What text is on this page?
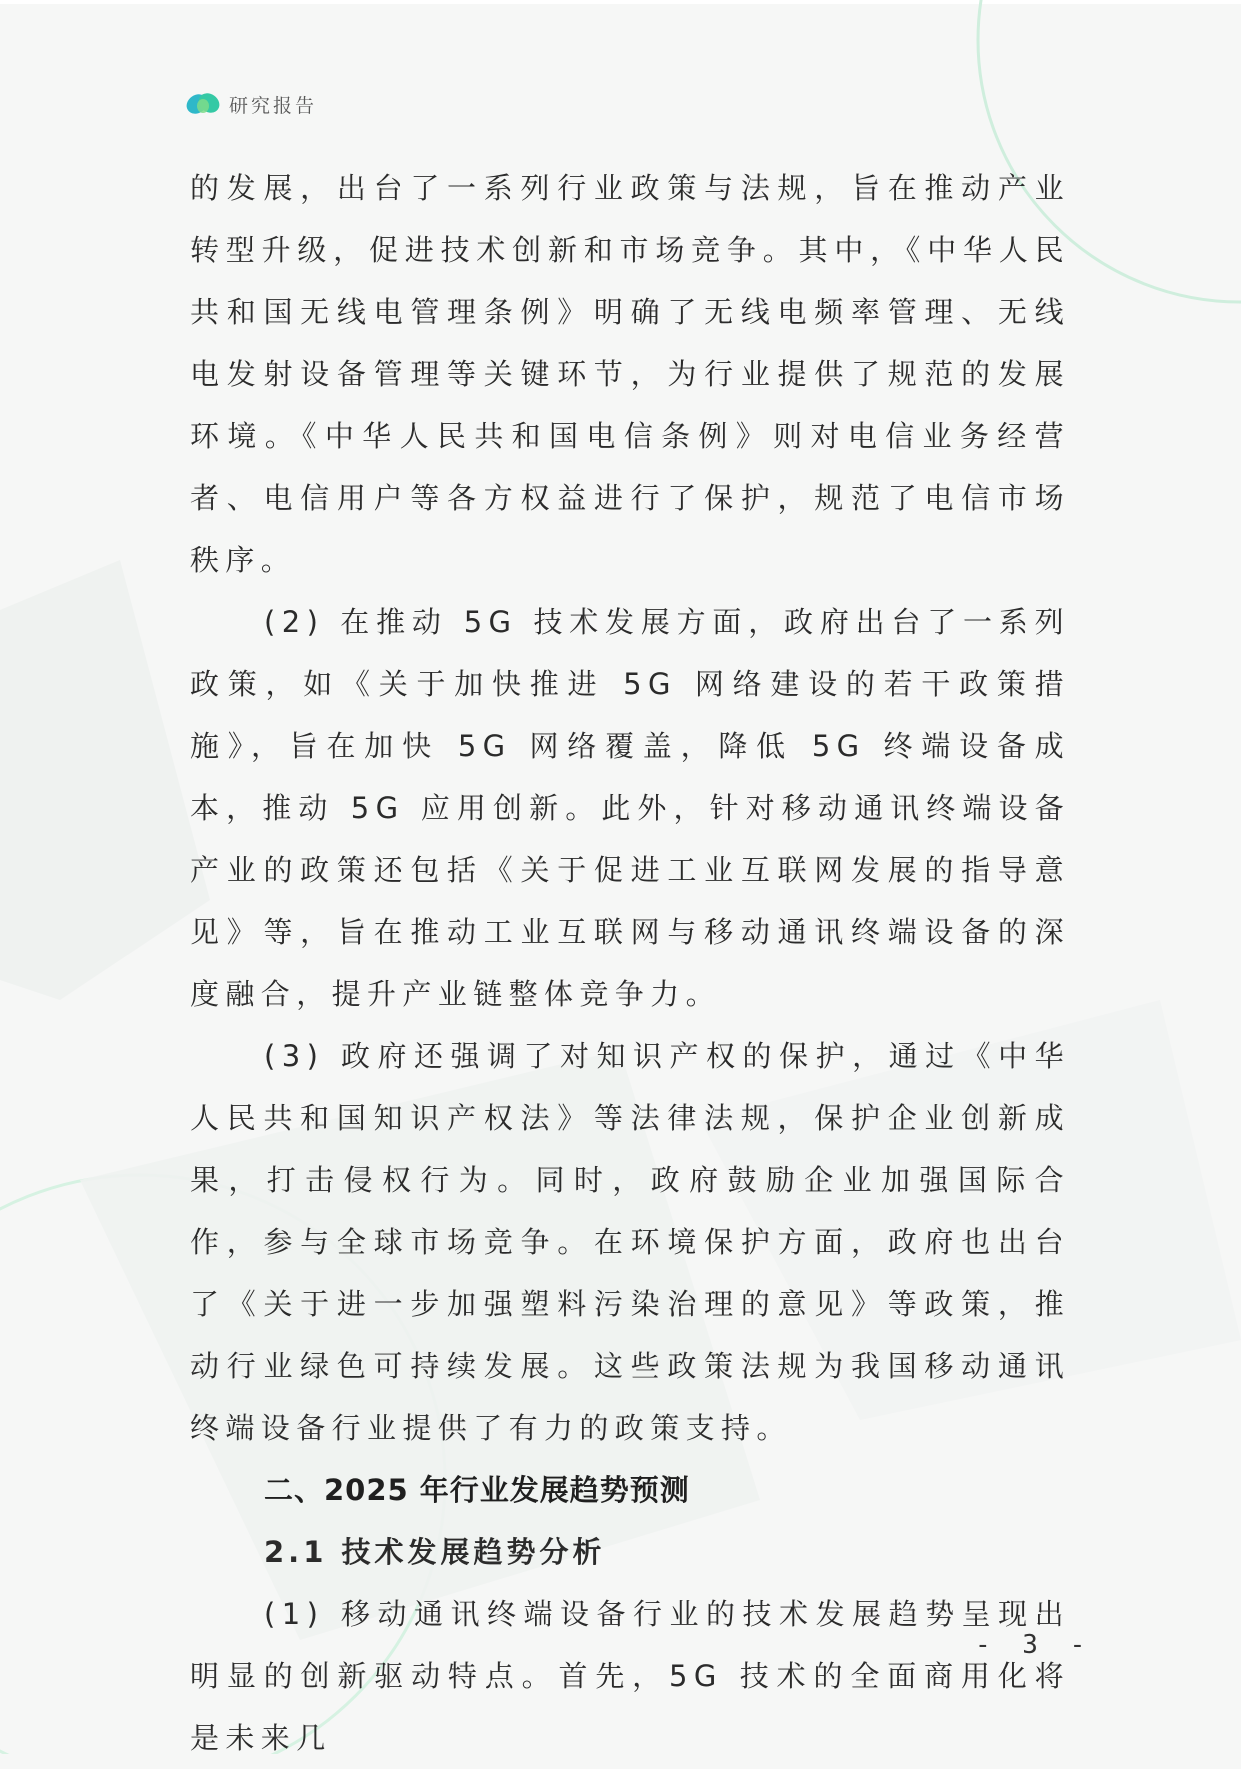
研究报告

的发展，出台了一系列行业政策与法规，旨在推动产业转型升级，促进技术创新和市场竞争。其中，《中华人民共和国无线电管理条例》明确了无线电频率管理、无线电发射设备管理等关键环节，为行业提供了规范的发展环境。《中华人民共和国电信条例》则对电信业务经营者、电信用户等各方权益进行了保护，规范了电信市场秩序。

(2) 在推动 5G 技术发展方面，政府出台了一系列政策，如《关于加快推进 5G 网络建设的若干政策措施》，旨在加快 5G 网络覆盖，降低 5G 终端设备成本，推动 5G 应用创新。此外，针对移动通讯终端设备产业的政策还包括《关于促进工业互联网发展的指导意见》等，旨在推动工业互联网与移动通讯终端设备的深度融合，提升产业链整体竞争力。

(3) 政府还强调了对知识产权的保护，通过《中华人民共和国知识产权法》等法律法规，保护企业创新成果，打击侵权行为。同时，政府鼓励企业加强国际合作，参与全球市场竞争。在环境保护方面，政府也出台了《关于进一步加强塑料污染治理的意见》等政策，推动行业绿色可持续发展。这些政策法规为我国移动通讯终端设备行业提供了有力的政策支持。

二、2025 年行业发展趋势预测
2.1 技术发展趋势分析

(1) 移动通讯终端设备行业的技术发展趋势呈现出明显的创新驱动特点。首先，5G 技术的全面商用化将是未来几

- 3 -
